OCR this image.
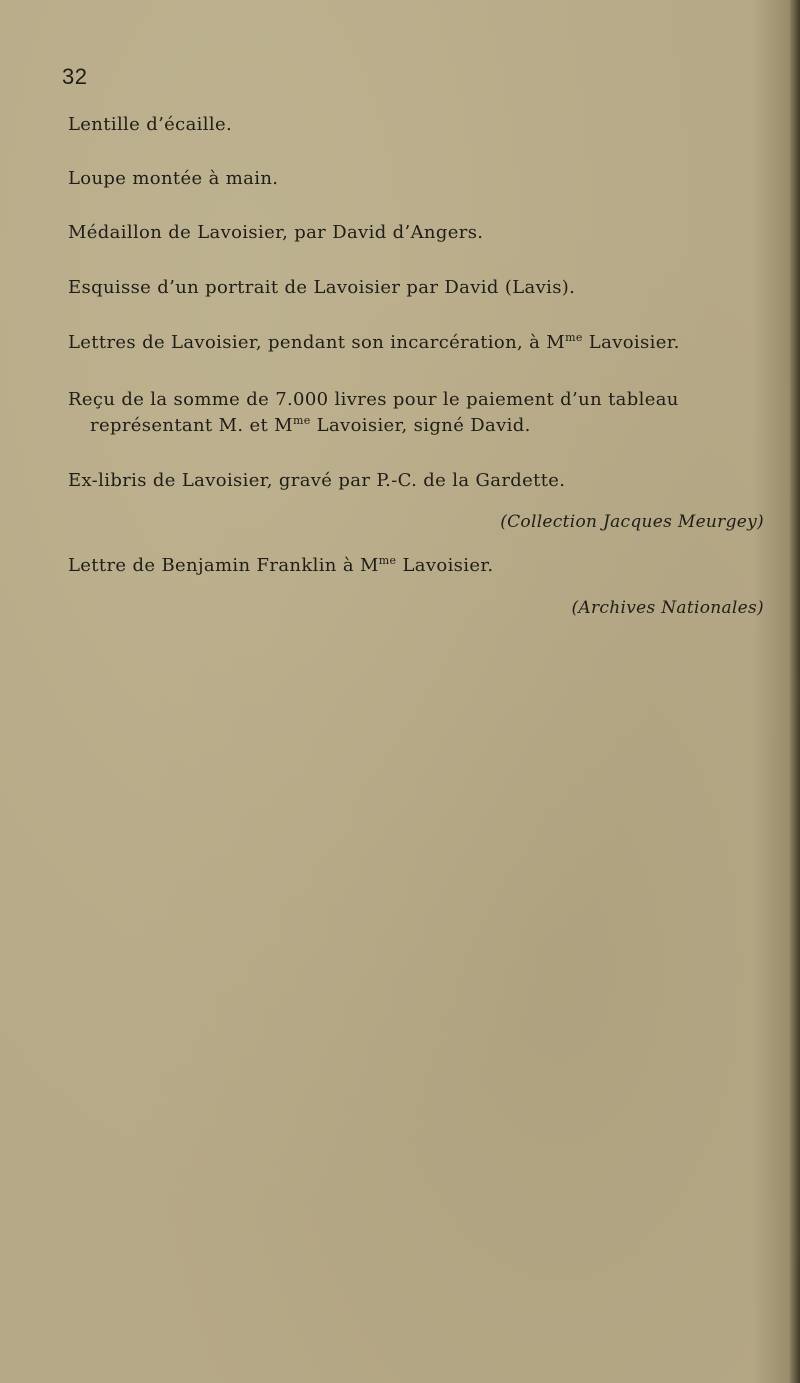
32
Lentille d’écaille.
Loupe montée à main.
Médaillon de Lavoisier, par David d’Angers.
Esquisse d’un portrait de Lavoisier par David (Lavis).
Lettres de Lavoisier, pendant son incarcération, à $M^{me}$ Lavoisier.
Reçu de la somme de 7.000 livres pour le paiement d’un tableau
représentant M. et $M^{me}$ Lavoisier, signé David.
Ex-libris de Lavoisier, gravé par P.-C. de la Gardette.
(Collection Jacques Meurgey)
Lettre de Benjamin Franklin à $M^{me}$ Lavoisier.
(Archives Nationales)
